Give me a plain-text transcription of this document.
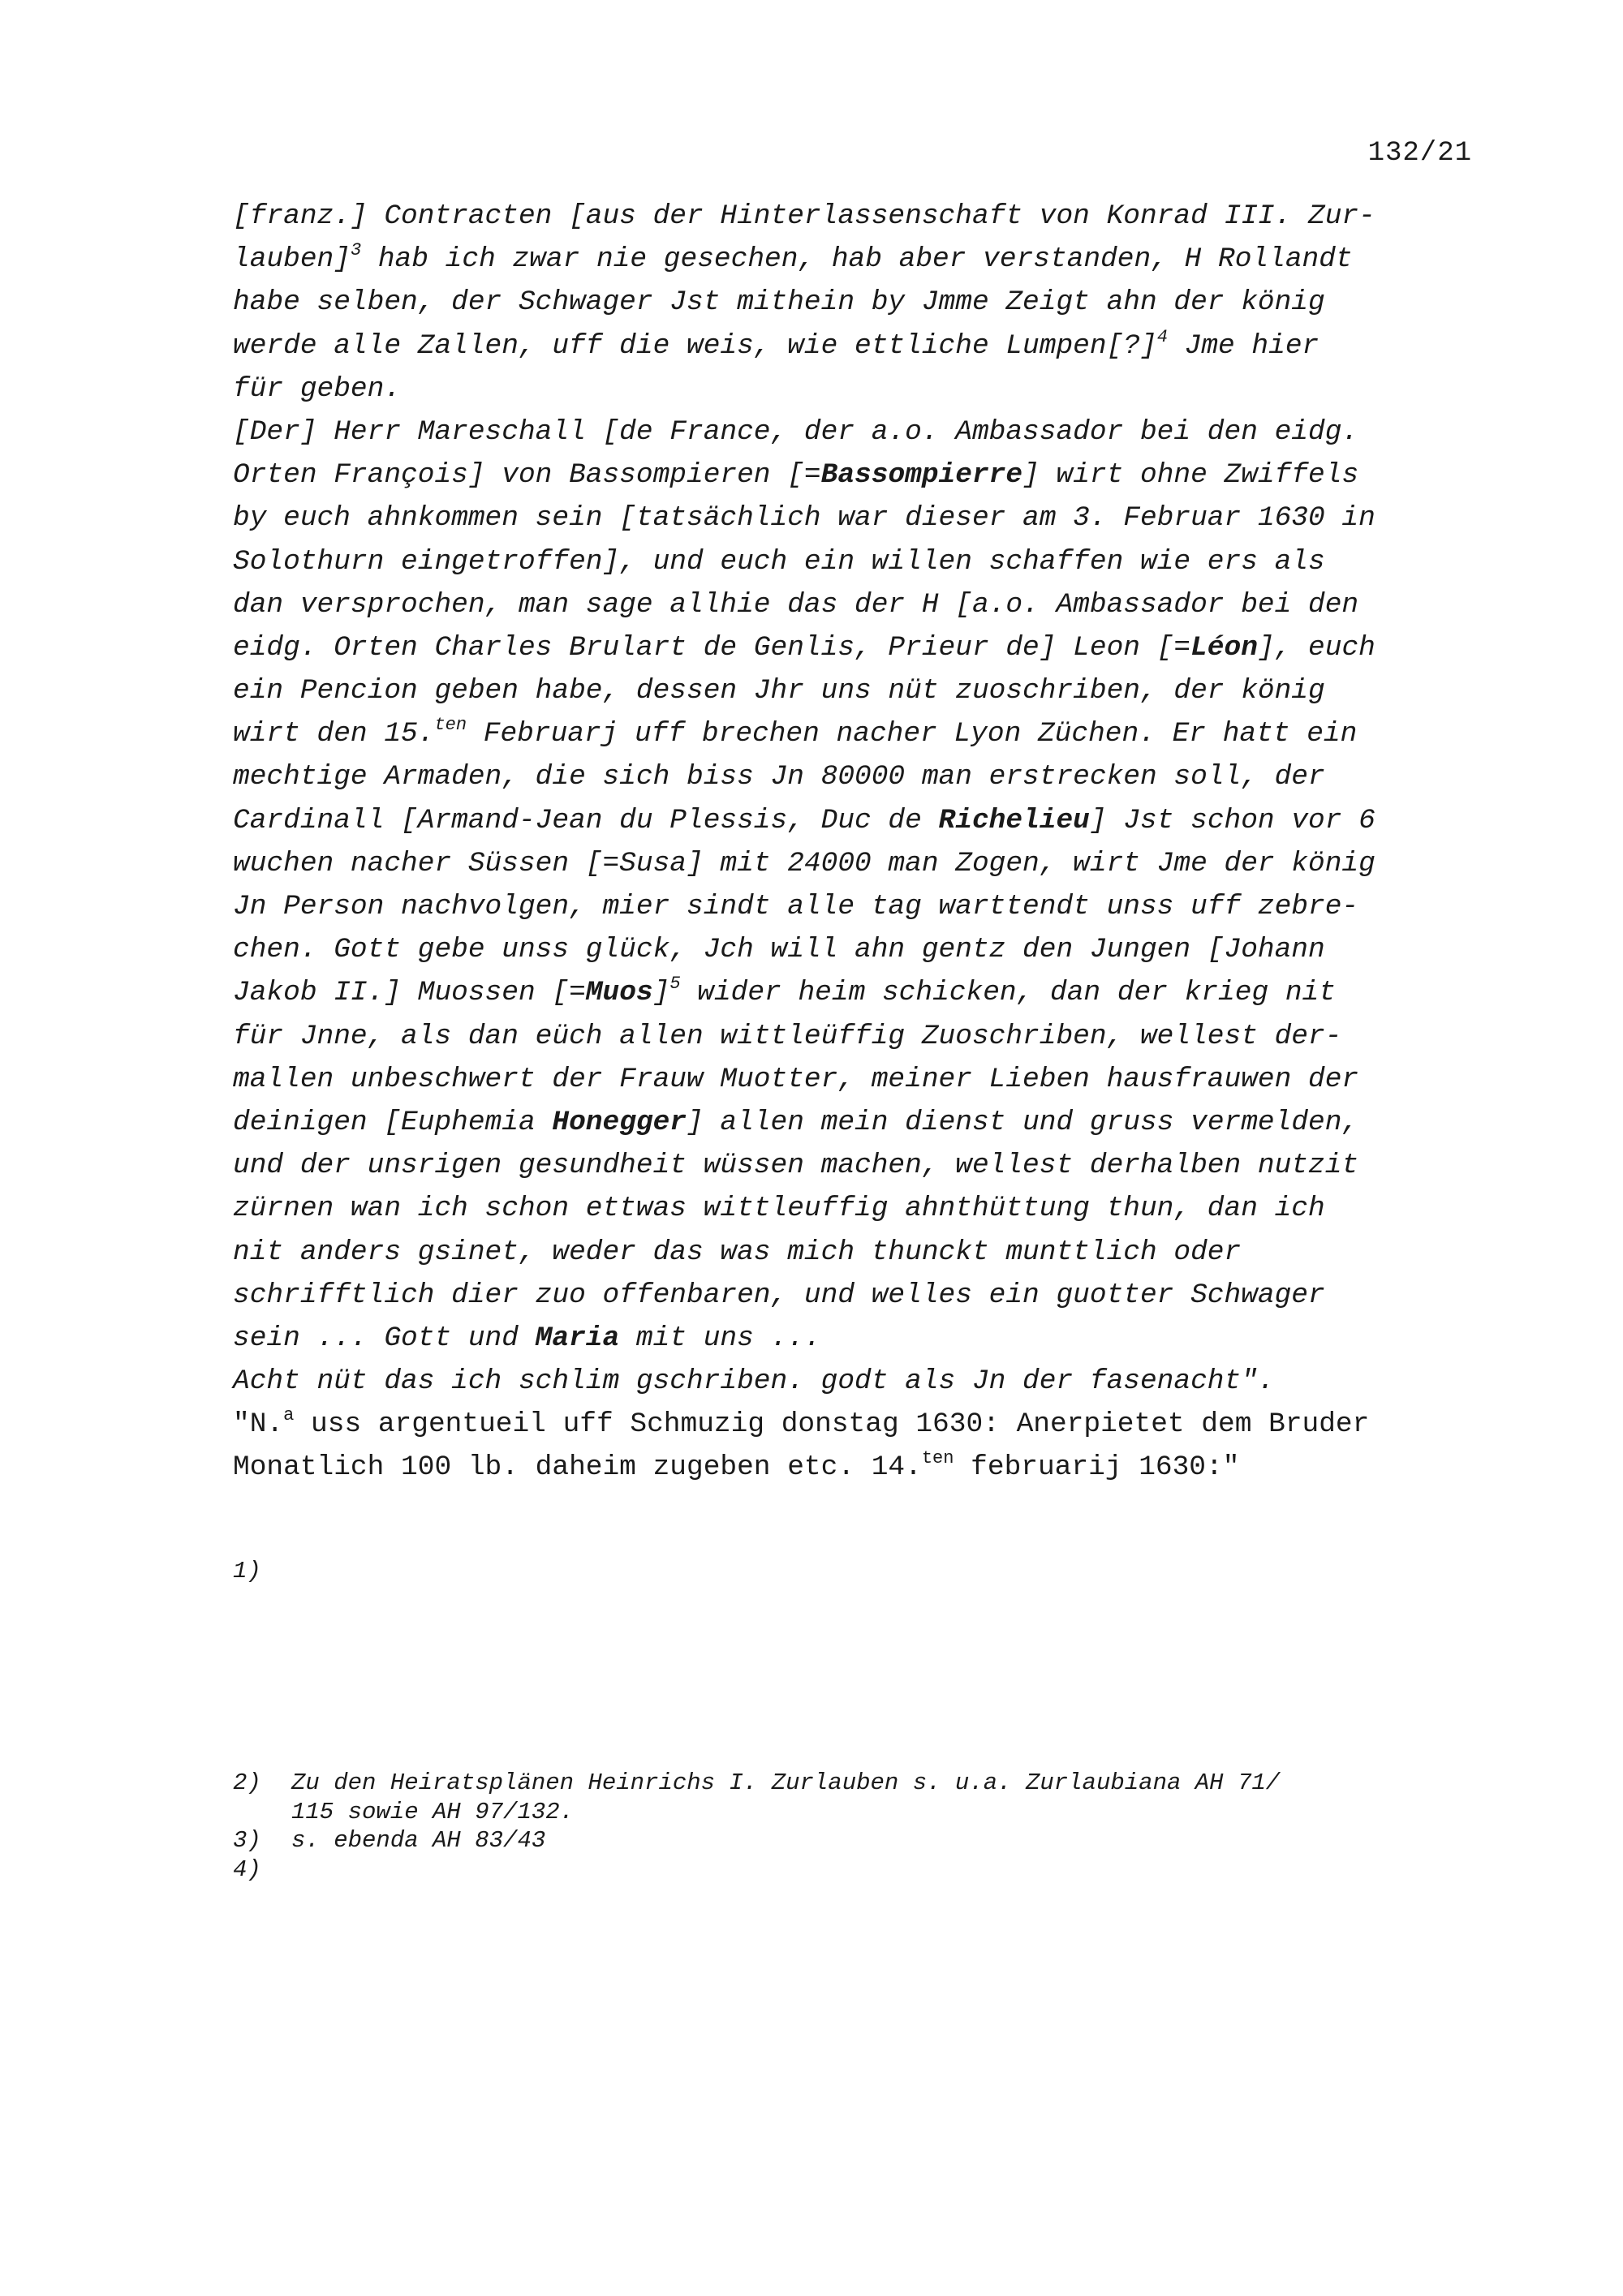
132/21
[franz.] Contracten [aus der Hinterlassenschaft von Konrad III. Zur-
lauben]$^3$ hab ich zwar nie gesechen, hab aber verstanden, H Rollandt
habe selben, der Schwager Jst mithein by Jmme Zeigt ahn der könig
werde alle Zallen, uff die weis, wie ettliche Lumpen[?]$^4$ Jme hier
für geben.
[Der] Herr Mareschall [de France, der a.o. Ambassador bei den eidg.
Orten François] von Bassompieren [=Bassompierre] wirt ohne Zwiffels
by euch ahnkommen sein [tatsächlich war dieser am 3. Februar 1630 in
Solothurn eingetroffen], und euch ein willen schaffen wie ers als
dan versprochen, man sage allhie das der H [a.o. Ambassador bei den
eidg. Orten Charles Brulart de Genlis, Prieur de] Leon [=Léon], euch
ein Pencion geben habe, dessen Jhr uns nüt zuoschriben, der könig
wirt den 15.$^{ten}$ Februarj uff brechen nacher Lyon Züchen. Er hatt ein
mechtige Armaden, die sich biss Jn 80000 man erstrecken soll, der
Cardinall [Armand-Jean du Plessis, Duc de Richelieu] Jst schon vor 6
wuchen nacher Süssen [=Susa] mit 24000 man Zogen, wirt Jme der könig
Jn Person nachvolgen, mier sindt alle tag warttendt unss uff zebre-
chen. Gott gebe unss glück, Jch will ahn gentz den Jungen [Johann
Jakob II.] Muossen [=Muos]$^5$ wider heim schicken, dan der krieg nit
für Jnne, als dan eüch allen wittleüffig Zuoschriben, wellest der-
mallen unbeschwert der Frauw Muotter, meiner Lieben hausfrauwen der
deinigen [Euphemia Honegger] allen mein dienst und gruss vermelden,
und der unsrigen gesundheit wüssen machen, wellest derhalben nutzit
zürnen wan ich schon ettwas wittleuffig ahnthüttung thun, dan ich
nit anders gsinet, weder das was mich thunckt munttlich oder
schrifftlich dier zuo offenbaren, und welles ein guotter Schwager
sein ... Gott und Maria mit uns ...
Acht nüt das ich schlim gschriben. godt als Jn der fasenacht".
"N.$^a$ uss argentueil uff Schmuzig donstag 1630: Anerpietet dem Bruder
Monatlich 100 lb. daheim zugeben etc. 14.$^{ten}$ februarij 1630:"
1)
2)	Zu den Heiratsplänen Heinrichs I. Zurlauben s. u.a. Zurlaubiana AH 71/
115 sowie AH 97/132.
3)	s. ebenda AH 83/43
4)
